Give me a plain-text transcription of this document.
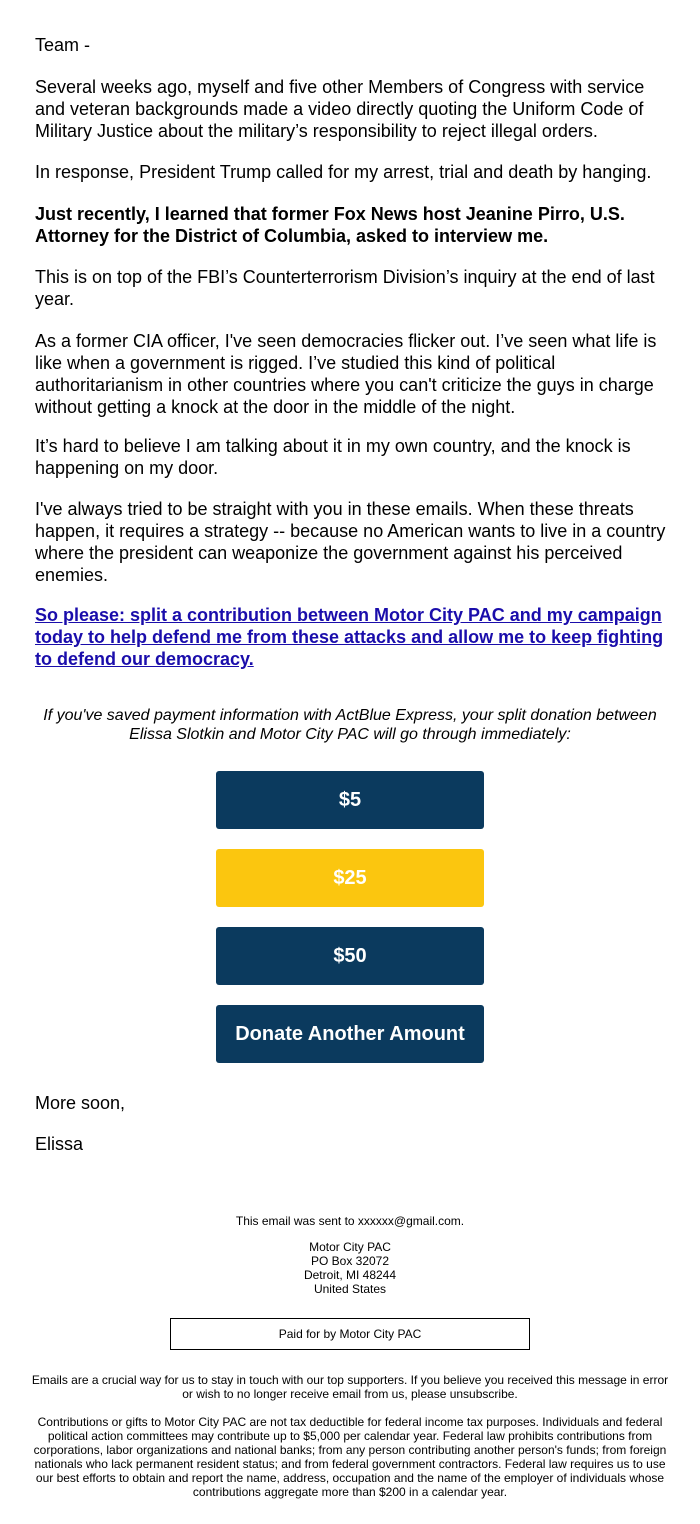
Team -

Several weeks ago, myself and five other Members of Congress with service and veteran backgrounds made a video directly quoting the Uniform Code of Military Justice about the military’s responsibility to reject illegal orders.

In response, President Trump called for my arrest, trial and death by hanging.

Just recently, I learned that former Fox News host Jeanine Pirro, U.S. Attorney for the District of Columbia, asked to interview me.

This is on top of the FBI’s Counterterrorism Division’s inquiry at the end of last year.

As a former CIA officer, I've seen democracies flicker out. I’ve seen what life is like when a government is rigged. I’ve studied this kind of political authoritarianism in other countries where you can't criticize the guys in charge without getting a knock at the door in the middle of the night.

It’s hard to believe I am talking about it in my own country, and the knock is happening on my door.

I've always tried to be straight with you in these emails. When these threats happen, it requires a strategy -- because no American wants to live in a country where the president can weaponize the government against his perceived enemies.

So please: split a contribution between Motor City PAC and my campaign today to help defend me from these attacks and allow me to keep fighting to defend our democracy.

If you've saved payment information with ActBlue Express, your split donation between Elissa Slotkin and Motor City PAC will go through immediately:

$5
$25
$50
Donate Another Amount

More soon,

Elissa

This email was sent to xxxxxx@gmail.com.

Motor City PAC
PO Box 32072
Detroit, MI 48244
United States
Paid for by Motor City PAC

Emails are a crucial way for us to stay in touch with our top supporters. If you believe you received this message in error or wish to no longer receive email from us, please unsubscribe.

Contributions or gifts to Motor City PAC are not tax deductible for federal income tax purposes. Individuals and federal political action committees may contribute up to $5,000 per calendar year. Federal law prohibits contributions from corporations, labor organizations and national banks; from any person contributing another person's funds; from foreign nationals who lack permanent resident status; and from federal government contractors. Federal law requires us to use our best efforts to obtain and report the name, address, occupation and the name of the employer of individuals whose contributions aggregate more than $200 in a calendar year.
